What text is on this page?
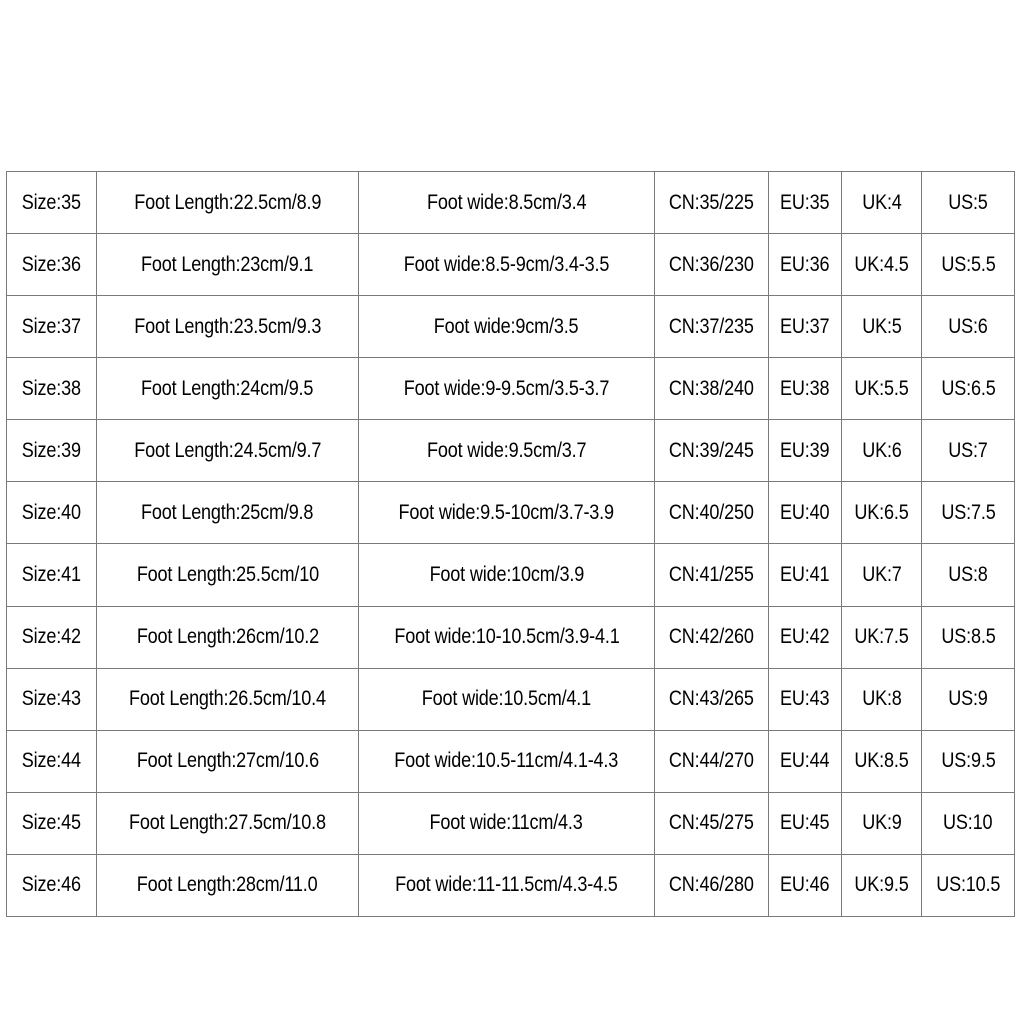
Size:35	Foot Length:22.5cm/8.9	Foot wide:8.5cm/3.4	CN:35/225	EU:35	UK:4	US:5
Size:36	Foot Length:23cm/9.1	Foot wide:8.5-9cm/3.4-3.5	CN:36/230	EU:36	UK:4.5	US:5.5
Size:37	Foot Length:23.5cm/9.3	Foot wide:9cm/3.5	CN:37/235	EU:37	UK:5	US:6
Size:38	Foot Length:24cm/9.5	Foot wide:9-9.5cm/3.5-3.7	CN:38/240	EU:38	UK:5.5	US:6.5
Size:39	Foot Length:24.5cm/9.7	Foot wide:9.5cm/3.7	CN:39/245	EU:39	UK:6	US:7
Size:40	Foot Length:25cm/9.8	Foot wide:9.5-10cm/3.7-3.9	CN:40/250	EU:40	UK:6.5	US:7.5
Size:41	Foot Length:25.5cm/10	Foot wide:10cm/3.9	CN:41/255	EU:41	UK:7	US:8
Size:42	Foot Length:26cm/10.2	Foot wide:10-10.5cm/3.9-4.1	CN:42/260	EU:42	UK:7.5	US:8.5
Size:43	Foot Length:26.5cm/10.4	Foot wide:10.5cm/4.1	CN:43/265	EU:43	UK:8	US:9
Size:44	Foot Length:27cm/10.6	Foot wide:10.5-11cm/4.1-4.3	CN:44/270	EU:44	UK:8.5	US:9.5
Size:45	Foot Length:27.5cm/10.8	Foot wide:11cm/4.3	CN:45/275	EU:45	UK:9	US:10
Size:46	Foot Length:28cm/11.0	Foot wide:11-11.5cm/4.3-4.5	CN:46/280	EU:46	UK:9.5	US:10.5
